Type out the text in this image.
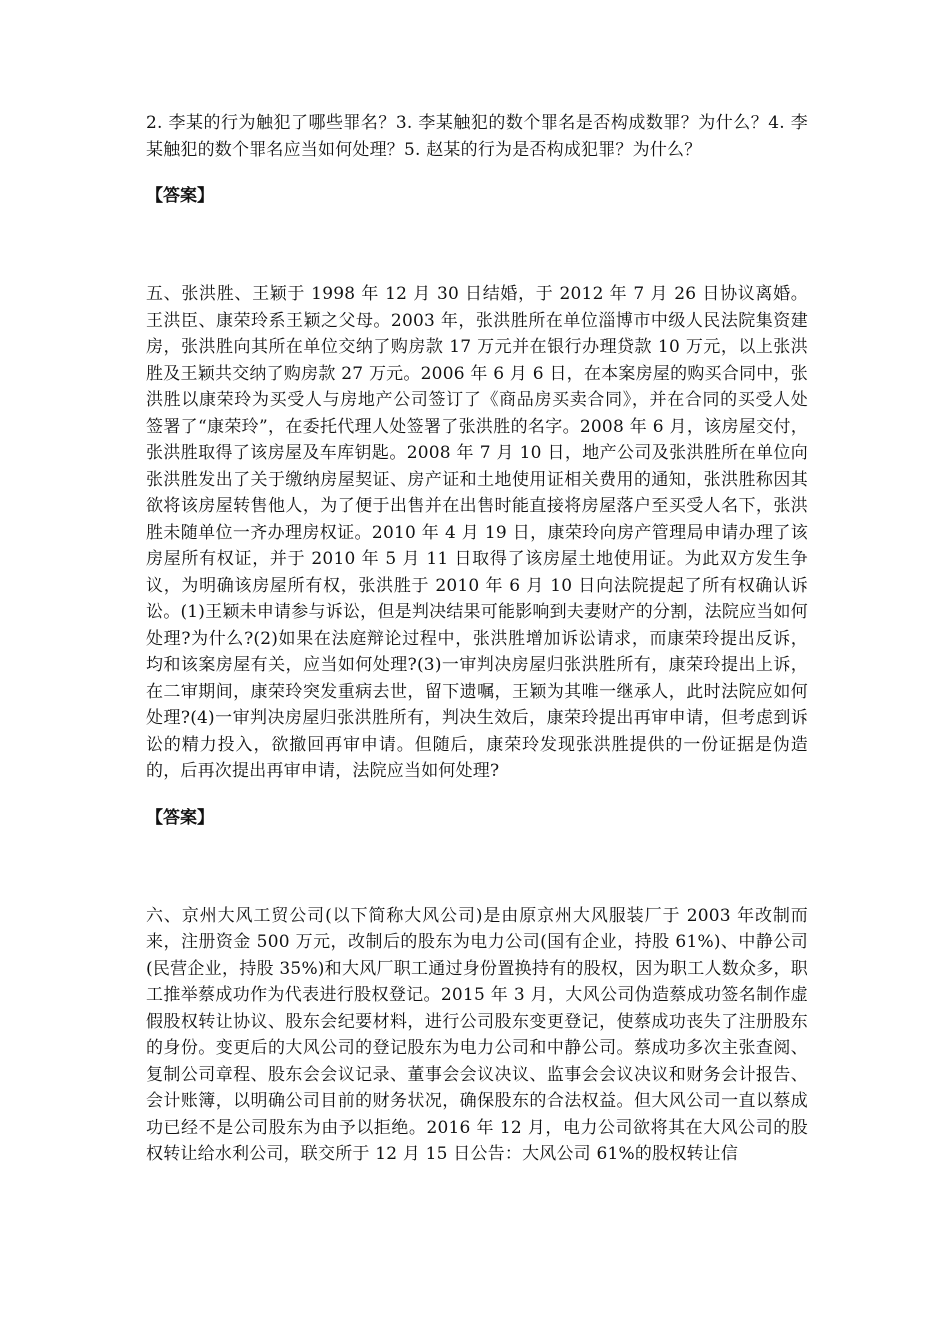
2. 李某的行为触犯了哪些罪名？3. 李某触犯的数个罪名是否构成数罪？为什么？4. 李某触犯的数个罪名应当如何处理？5. 赵某的行为是否构成犯罪？为什么？

【答案】

五、张洪胜、王颖于 1998 年 12 月 30 日结婚，于 2012 年 7 月 26 日协议离婚。王洪臣、康荣玲系王颖之父母。2003 年，张洪胜所在单位淄博市中级人民法院集资建房，张洪胜向其所在单位交纳了购房款 17 万元并在银行办理贷款 10 万元，以上张洪胜及王颖共交纳了购房款 27 万元。2006 年 6 月 6 日，在本案房屋的购买合同中，张洪胜以康荣玲为买受人与房地产公司签订了《商品房买卖合同》，并在合同的买受人处签署了“康荣玲”，在委托代理人处签署了张洪胜的名字。2008 年 6 月，该房屋交付，张洪胜取得了该房屋及车库钥匙。2008 年 7 月 10 日，地产公司及张洪胜所在单位向张洪胜发出了关于缴纳房屋契证、房产证和土地使用证相关费用的通知，张洪胜称因其欲将该房屋转售他人，为了便于出售并在出售时能直接将房屋落户至买受人名下，张洪胜未随单位一齐办理房权证。2010 年 4 月 19 日，康荣玲向房产管理局申请办理了该房屋所有权证，并于 2010 年 5 月 11 日取得了该房屋土地使用证。为此双方发生争议，为明确该房屋所有权，张洪胜于 2010 年 6 月 10 日向法院提起了所有权确认诉讼。(1)王颖未申请参与诉讼，但是判决结果可能影响到夫妻财产的分割，法院应当如何处理?为什么?(2)如果在法庭辩论过程中，张洪胜增加诉讼请求，而康荣玲提出反诉，均和该案房屋有关，应当如何处理?(3)一审判决房屋归张洪胜所有，康荣玲提出上诉，在二审期间，康荣玲突发重病去世，留下遗嘱，王颖为其唯一继承人，此时法院应如何处理?(4)一审判决房屋归张洪胜所有，判决生效后，康荣玲提出再审申请，但考虑到诉讼的精力投入，欲撤回再审申请。但随后，康荣玲发现张洪胜提供的一份证据是伪造的，后再次提出再审申请，法院应当如何处理?

【答案】

六、京州大风工贸公司(以下简称大风公司)是由原京州大风服装厂于 2003 年改制而来，注册资金 500 万元，改制后的股东为电力公司(国有企业，持股 61%)、中静公司(民营企业，持股 35%)和大风厂职工通过身份置换持有的股权，因为职工人数众多，职工推举蔡成功作为代表进行股权登记。2015 年 3 月，大风公司伪造蔡成功签名制作虚假股权转让协议、股东会纪要材料，进行公司股东变更登记，使蔡成功丧失了注册股东的身份。变更后的大风公司的登记股东为电力公司和中静公司。蔡成功多次主张查阅、复制公司章程、股东会会议记录、董事会会议决议、监事会会议决议和财务会计报告、会计账簿，以明确公司目前的财务状况，确保股东的合法权益。但大风公司一直以蔡成功已经不是公司股东为由予以拒绝。2016 年 12 月，电力公司欲将其在大风公司的股权转让给水利公司，联交所于 12 月 15 日公告：大风公司 61%的股权转让信
